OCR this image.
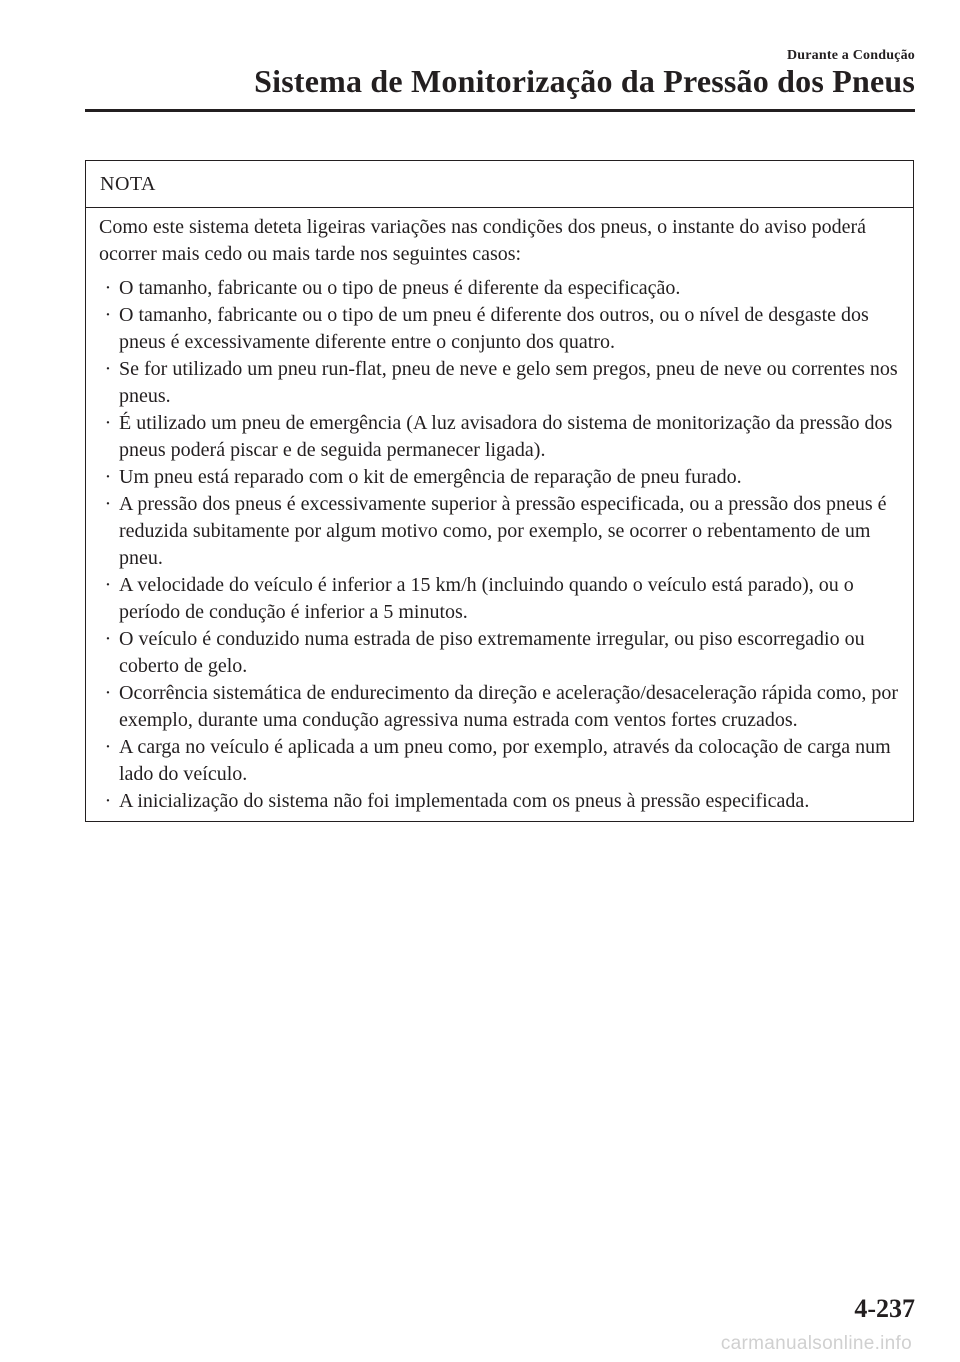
Durante a Condução
Sistema de Monitorização da Pressão dos Pneus
NOTA

Como este sistema deteta ligeiras variações nas condições dos pneus, o instante do aviso poderá ocorrer mais cedo ou mais tarde nos seguintes casos:

· O tamanho, fabricante ou o tipo de pneus é diferente da especificação.
· O tamanho, fabricante ou o tipo de um pneu é diferente dos outros, ou o nível de desgaste dos pneus é excessivamente diferente entre o conjunto dos quatro.
· Se for utilizado um pneu run-flat, pneu de neve e gelo sem pregos, pneu de neve ou correntes nos pneus.
· É utilizado um pneu de emergência (A luz avisadora do sistema de monitorização da pressão dos pneus poderá piscar e de seguida permanecer ligada).
· Um pneu está reparado com o kit de emergência de reparação de pneu furado.
· A pressão dos pneus é excessivamente superior à pressão especificada, ou a pressão dos pneus é reduzida subitamente por algum motivo como, por exemplo, se ocorrer o rebentamento de um pneu.
· A velocidade do veículo é inferior a 15 km/h (incluindo quando o veículo está parado), ou o período de condução é inferior a 5 minutos.
· O veículo é conduzido numa estrada de piso extremamente irregular, ou piso escorregadio ou coberto de gelo.
· Ocorrência sistemática de endurecimento da direção e aceleração/desaceleração rápida como, por exemplo, durante uma condução agressiva numa estrada com ventos fortes cruzados.
· A carga no veículo é aplicada a um pneu como, por exemplo, através da colocação de carga num lado do veículo.
· A inicialização do sistema não foi implementada com os pneus à pressão especificada.
4-237
carmanualsonline.info
